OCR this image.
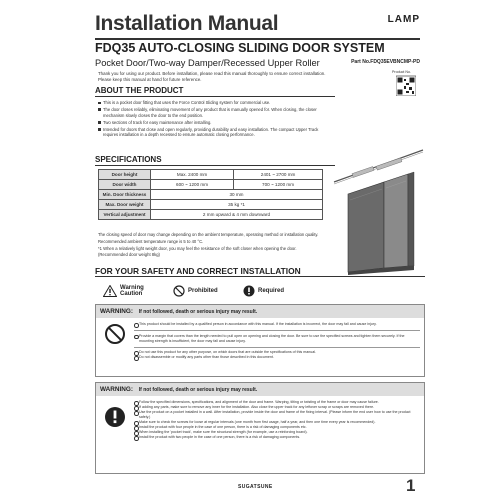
Installation Manual	LAMP
FDQ35 AUTO-CLOSING SLIDING DOOR SYSTEM
Pocket Door/Two-way Damper/Recessed Upper Roller	Part No.FDQ35EVBNCMP-PD
Thank you for using our product. Before installation, please read this manual thoroughly to ensure correct installation. Please keep this manual at hand for future reference.
Product No.
ABOUT THE PRODUCT
This is a pocket door fitting that uses the Force Control Sliding system for commercial use.
The door closes reliably, eliminating movement of any product that is manually opened for. When closing, the closer mechanism slowly closes the door to the end position.
Two sections of track for easy maintenance after installing.
Intended for doors that close and open regularly, providing durability and easy installation. The compact Upper Track requires installation in a depth recessed to ensure automatic closing performance.
SPECIFICATIONS
Door height	Max. 2400 mm	2401 ~ 2700 mm
Door width	600 ~ 1200 mm	700 ~ 1200 mm
Min. Door thickness	30 mm	
Max. Door weight	35 kg *1	
Vertical adjustment	2 mm upward & 4 mm downward	

The closing speed of door may change depending on the ambient temperature, operating method or installation quality.

Recommended ambient temperature range is 5 to 40 °C.

*1 When a relatively light weight door, you may feel the resistance of the soft closer when opening the door. (Recommended door weight 8kg)

FOR YOUR SAFETY AND CORRECT INSTALLATION
Warning Caution	Prohibited	Required
WARNING: If not followed, death or serious injury may result.
This product should be installed by a qualified person in accordance with this manual. If the installation is incorrect, the door may fall and cause injury.
Provide a margin that covers than the length needed to pull open on opening and closing the door. Be sure to use the specified screws and tighten them securely. If the mounting strength is insufficient, the door may fall and cause injury.
Do not use this product for any other purpose, on which doors that are outside the specifications of this manual.
Do not disassemble or modify any parts other than those described in this document.
WARNING: If not followed, death or serious injury may result.
Follow the specified dimensions, specifications, and alignment of the door and frame. Warping, tilting or twisting of the frame or door may cause failure.
If adding any parts, make sure to remove any inner for the installation. Also close the upper track for any leftover scrap or scraps are removed there.
Use the product on a pocket installed in a wall. After installation, provide inside the door and frame of the fixing interval. (Please inform the end user how to use the product safely.)
Make sure to check the screws for loose at regular intervals (one month from first usage, half a year, and then one time every year is recommended).
Install the product with four people in the case of one person, there is a risk of damaging components etc.
When installing the 'pocket track', make sure the structural strength (for example, use a reinforcing board).
Install the product with two people in the case of one person, there is a risk of damaging components.
SUGATSUNE	1
